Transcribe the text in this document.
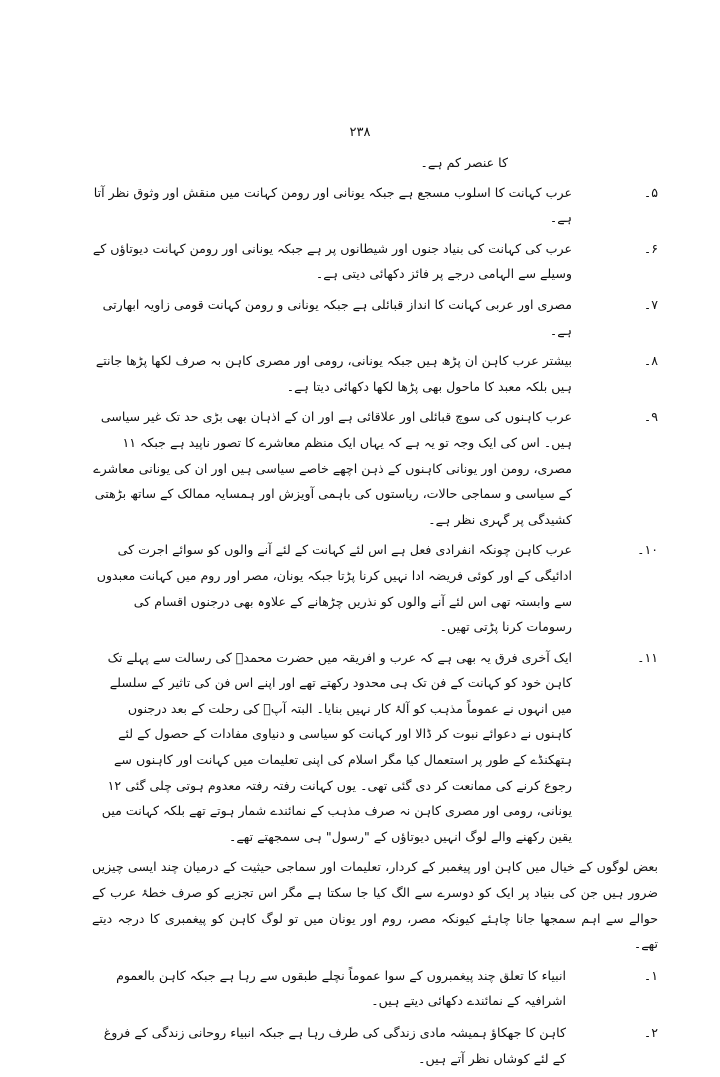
۲۳۸

کا عنصر کم ہے۔

۵۔
عرب کہانت کا اسلوب مسجع ہے جبکہ یونانی اور رومن کہانت میں منقش اور وثوق نظر آتا ہے۔
۶۔
عرب کی کہانت کی بنیاد جنوں اور شیطانوں پر ہے جبکہ یونانی اور رومن کہانت دیوتاؤں کے وسیلے سے الہامی درجے پر فائز دکھائی دیتی ہے۔
۷۔
مصری اور عربی کہانت کا انداز قبائلی ہے جبکہ یونانی و رومن کہانت قومی زاویہ ابھارتی ہے۔
۸۔
بیشتر عرب کاہن ان پڑھ ہیں جبکہ یونانی، رومی اور مصری کاہن بہ صرف لکھا پڑھا جانتے ہیں بلکہ معبد کا ماحول بھی پڑھا لکھا دکھائی دیتا ہے۔
۹۔
عرب کاہنوں کی سوچ قبائلی اور علاقائی ہے اور ان کے اذہان بھی بڑی حد تک غیر سیاسی ہیں۔ اس کی ایک وجہ تو یہ ہے کہ یہاں ایک منظم معاشرے کا تصور ناپید ہے جبکہ ۱۱ مصری، رومن اور یونانی کاہنوں کے ذہن اچھے خاصے سیاسی ہیں اور ان کی یونانی معاشرے کے سیاسی و سماجی حالات، ریاستوں کی باہمی آویزش اور ہمسایہ ممالک کے ساتھ بڑھتی کشیدگی پر گہری نظر ہے۔
۱۰۔
عرب کاہن چونکہ انفرادی فعل ہے اس لئے کہانت کے لئے آنے والوں کو سوائے اجرت کی ادائیگی کے اور کوئی فریضہ ادا نہیں کرنا پڑتا جبکہ یونان، مصر اور روم میں کہانت معبدوں سے وابستہ تھی اس لئے آنے والوں کو نذریں چڑھانے کے علاوہ بھی درجنوں اقسام کی رسومات کرنا پڑتی تھیں۔
۱۱۔
ایک آخری فرق یہ بھی ہے کہ عرب و افریقہ میں حضرت محمدؐ کی رسالت سے پہلے تک کاہن خود کو کہانت کے فن تک ہی محدود رکھتے تھے اور اپنے اس فن کی تاثیر کے سلسلے میں انہوں نے عموماً مذہب کو آلۂ کار نہیں بنایا۔ البتہ آپؐ کی رحلت کے بعد درجنوں کاہنوں نے دعوائے نبوت کر ڈالا اور کہانت کو سیاسی و دنیاوی مفادات کے حصول کے لئے ہتھکنڈے کے طور پر استعمال کیا مگر اسلام کی اپنی تعلیمات میں کہانت اور کاہنوں سے رجوع کرنے کی ممانعت کر دی گئی تھی۔ یوں کہانت رفتہ رفتہ معدوم ہوتی چلی گئی ۱۲ یونانی، رومی اور مصری کاہن نہ صرف مذہب کے نمائندے شمار ہوتے تھے بلکہ کہانت میں یقین رکھنے والے لوگ انہیں دیوتاؤں کے "رسول" ہی سمجھتے تھے۔

بعض لوگوں کے خیال میں کاہن اور پیغمبر کے کردار، تعلیمات اور سماجی حیثیت کے درمیان چند ایسی چیزیں ضرور ہیں جن کی بنیاد پر ایک کو دوسرے سے الگ کیا جا سکتا ہے مگر اس تجزیے کو صرف خطۂ عرب کے حوالے سے اہم سمجھا جانا چاہئے کیونکہ مصر، روم اور یونان میں تو لوگ کاہن کو پیغمبری کا درجہ دیتے تھے۔

۱۔
انبیاء کا تعلق چند پیغمبروں کے سوا عموماً نچلے طبقوں سے رہا ہے جبکہ کاہن بالعموم اشرافیہ کے نمائندے دکھائی دیتے ہیں۔
۲۔
کاہن کا جھکاؤ ہمیشہ مادی زندگی کی طرف رہا ہے جبکہ انبیاء روحانی زندگی کے فروغ کے لئے کوشاں نظر آتے ہیں۔
